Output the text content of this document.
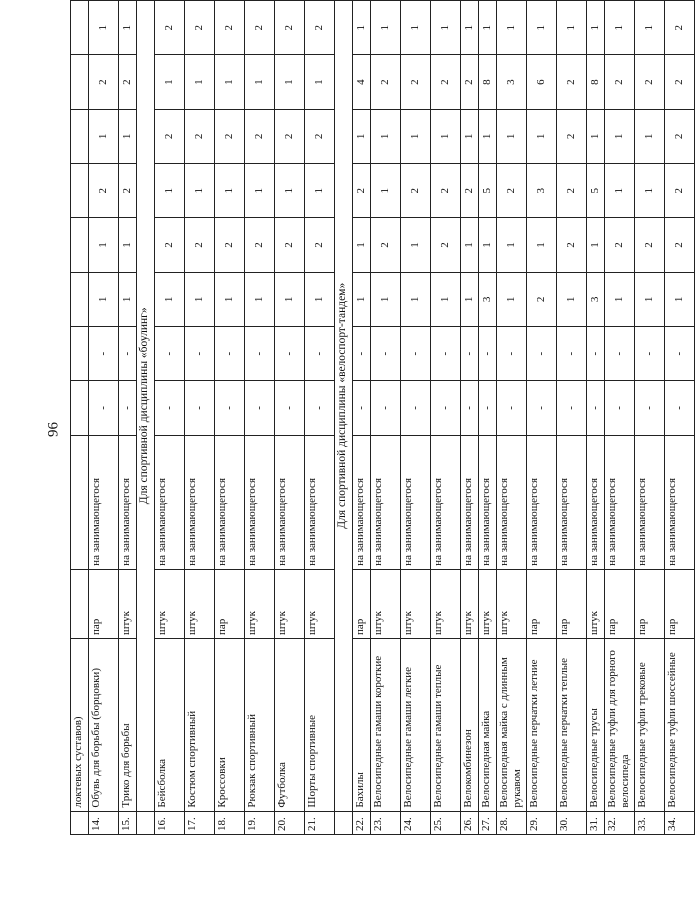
96
	локтевых суставов)										
14.	Обувь для борьбы (борцовки)	пар	на занимающегося	-	-	1	1	2	1	2	1
15.	Трико для борьбы	штук	на занимающегося	-	-	1	1	2	1	2	1
	Для спортивной дисциплины «боулинг»										
16.	Бейсболка	штук	на занимающегося	-	-	1	2	1	2	1	2
17.	Костюм спортивный	штук	на занимающегося	-	-	1	2	1	2	1	2
18.	Кроссовки	пар	на занимающегося	-	-	1	2	1	2	1	2
19.	Рюкзак спортивный	штук	на занимающегося	-	-	1	2	1	2	1	2
20.	Футболка	штук	на занимающегося	-	-	1	2	1	2	1	2
21.	Шорты спортивные	штук	на занимающегося	-	-	1	2	1	2	1	2
	Для спортивной дисциплины «велоспорт-тандем»										
22.	Бахилы	пар	на занимающегося	-	-	1	1	2	1	4	1
23.	Велосипедные гамаши короткие	штук	на занимающегося	-	-	1	2	1	1	2	1
24.	Велосипедные гамаши легкие	штук	на занимающегося	-	-	1	1	2	1	2	1
25.	Велосипедные гамаши теплые	штук	на занимающегося	-	-	1	2	2	1	2	1
26.	Велокомбинезон	штук	на занимающегося	-	-	1	1	2	1	2	1
27.	Велосипедная майка	штук	на занимающегося	-	-	3	1	5	1	8	1
28.	Велосипедная майка с длинным рукавом	штук	на занимающегося	-	-	1	1	2	1	3	1
29.	Велосипедные перчатки летние	пар	на занимающегося	-	-	2	1	3	1	6	1
30.	Велосипедные перчатки теплые	пар	на занимающегося	-	-	1	2	2	2	2	1
31.	Велосипедные трусы	штук	на занимающегося	-	-	3	1	5	1	8	1
32.	Велосипедные туфли для горного велосипеда	пар	на занимающегося	-	-	1	2	1	1	2	1
33.	Велосипедные туфли трековые	пар	на занимающегося	-	-	1	2	1	1	2	1
34.	Велосипедные туфли шоссейные	пар	на занимающегося	-	-	1	2	2	2	2	2
